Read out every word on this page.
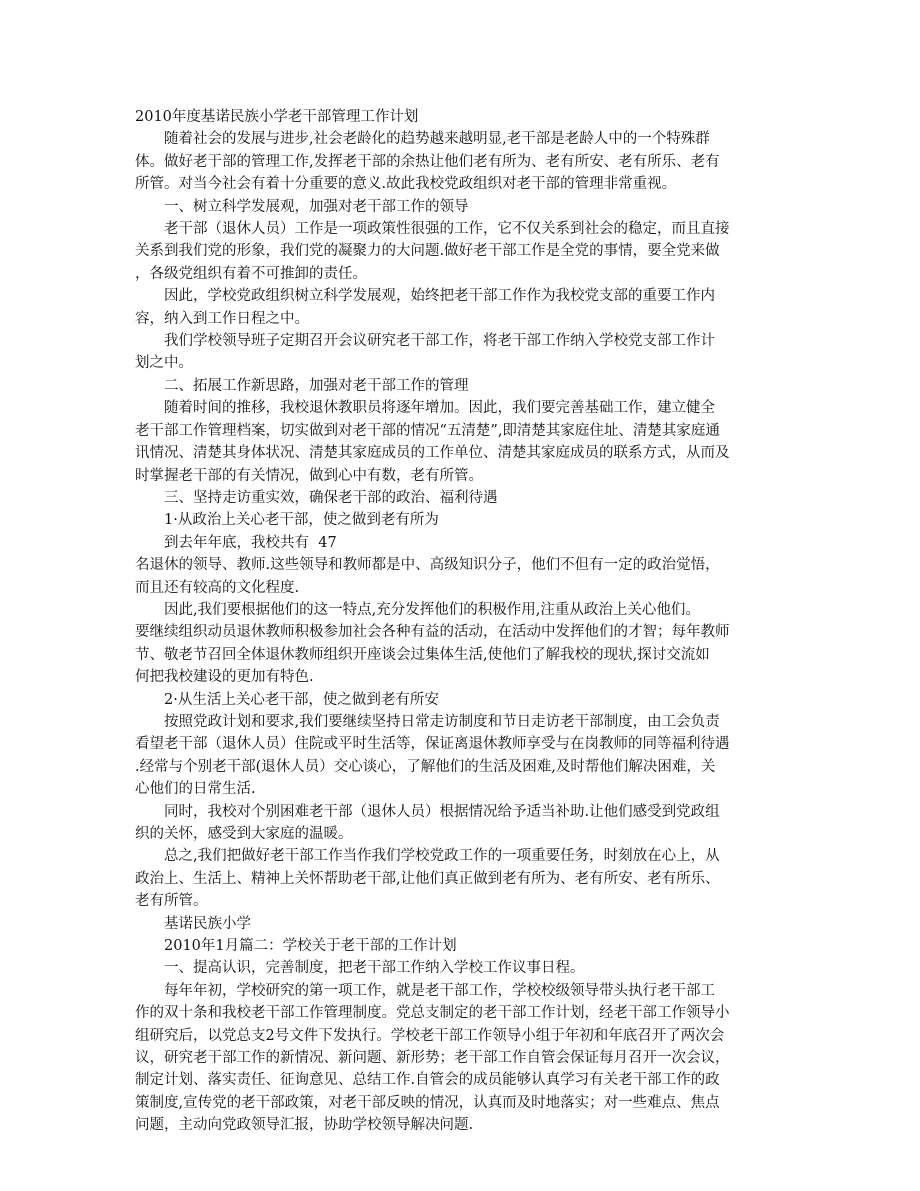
2010年度基诺民族小学老干部管理工作计划
随着社会的发展与进步,社会老龄化的趋势越来越明显,老干部是老龄人中的一个特殊群
体。做好老干部的管理工作,发挥老干部的余热让他们老有所为、老有所安、老有所乐、老有
所管。对当今社会有着十分重要的意义.故此我校党政组织对老干部的管理非常重视。
一、树立科学发展观，加强对老干部工作的领导
老干部（退休人员）工作是一项政策性很强的工作，它不仅关系到社会的稳定，而且直接
关系到我们党的形象，我们党的凝聚力的大问题.做好老干部工作是全党的事情，要全党来做
，各级党组织有着不可推卸的责任。
因此，学校党政组织树立科学发展观，始终把老干部工作作为我校党支部的重要工作内
容，纳入到工作日程之中。
我们学校领导班子定期召开会议研究老干部工作，将老干部工作纳入学校党支部工作计
划之中。
二、拓展工作新思路，加强对老干部工作的管理
随着时间的推移，我校退休教职员将逐年增加。因此，我们要完善基础工作，建立健全
老干部工作管理档案，切实做到对老干部的情况“五清楚”,即清楚其家庭住址、清楚其家庭通
讯情况、清楚其身体状况、清楚其家庭成员的工作单位、清楚其家庭成员的联系方式，从而及
时掌握老干部的有关情况，做到心中有数，老有所管。
三、坚持走访重实效，确保老干部的政治、福利待遇
1·从政治上关心老干部，使之做到老有所为
到去年年底，我校共有  47
名退休的领导、教师.这些领导和教师都是中、高级知识分子，他们不但有一定的政治觉悟，
而且还有较高的文化程度.
因此,我们要根据他们的这一特点,充分发挥他们的积极作用,注重从政治上关心他们。
要继续组织动员退休教师积极参加社会各种有益的活动，在活动中发挥他们的才智；每年教师
节、敬老节召回全体退休教师组织开座谈会过集体生活,使他们了解我校的现状,探讨交流如
何把我校建设的更加有特色.
2·从生活上关心老干部，使之做到老有所安
按照党政计划和要求,我们要继续坚持日常走访制度和节日走访老干部制度，由工会负责
看望老干部（退休人员）住院或平时生活等，保证离退休教师享受与在岗教师的同等福利待遇
.经常与个别老干部(退休人员）交心谈心，了解他们的生活及困难,及时帮他们解决困难，关
心他们的日常生活.
同时，我校对个别困难老干部（退休人员）根据情况给予适当补助.让他们感受到党政组
织的关怀，感受到大家庭的温暖。
总之,我们把做好老干部工作当作我们学校党政工作的一项重要任务，时刻放在心上，从
政治上、生活上、精神上关怀帮助老干部,让他们真正做到老有所为、老有所安、老有所乐、
老有所管。
基诺民族小学
2010年1月篇二：学校关于老干部的工作计划
一、提高认识，完善制度，把老干部工作纳入学校工作议事日程。
每年年初，学校研究的第一项工作，就是老干部工作，学校校级领导带头执行老干部工
作的双十条和我校老干部工作管理制度。党总支制定的老干部工作计划，经老干部工作领导小
组研究后，以党总支2号文件下发执行。学校老干部工作领导小组于年初和年底召开了两次会
议，研究老干部工作的新情况、新问题、新形势；老干部工作自管会保证每月召开一次会议，
制定计划、落实责任、征询意见、总结工作.自管会的成员能够认真学习有关老干部工作的政
策制度,宣传党的老干部政策，对老干部反映的情况，认真而及时地落实；对一些难点、焦点
问题，主动向党政领导汇报，协助学校领导解决问题.
